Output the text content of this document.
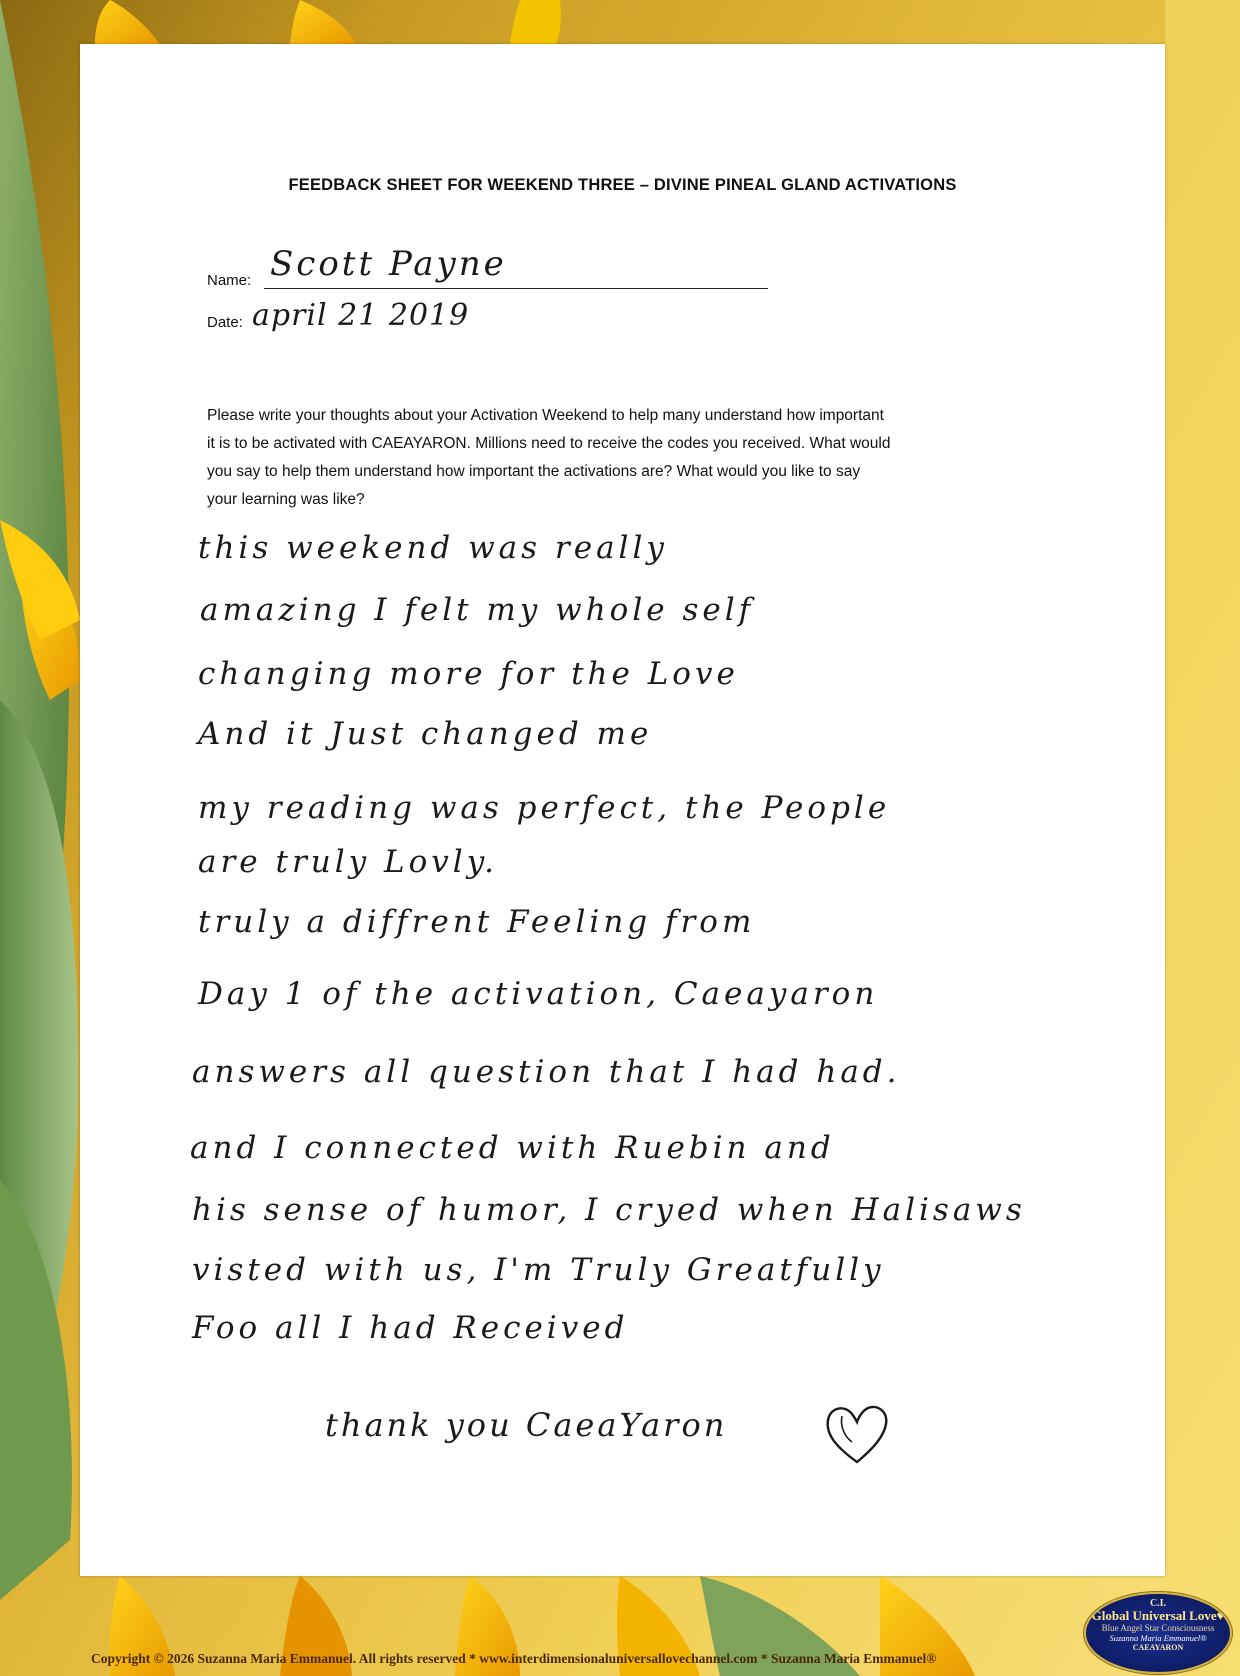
FEEDBACK SHEET FOR WEEKEND THREE – DIVINE PINEAL GLAND ACTIVATIONS
Name: Scott Payne
Date: april 21 2019
Please write your thoughts about your Activation Weekend to help many understand how important
it is to be activated with CAEAYARON. Millions need to receive the codes you received. What would
you say to help them understand how important the activations are? What would you like to say
your learning was like?
this weekend was really
amazing I felt my whole self
changing more for the Love
And it Just changed me
my reading was perfect, the People
are truly Lovly.
truly a diffrent Feeling from
Day 1 of the activation, Caeayaron
answers all question that I had had.
and I connected with Ruebin and
his sense of humor, I cryed when Halisaws
visted with us, I'm Truly Greatfully
Foo all I had Received
thank you CaeaYaron
Copyright © 2026 Suzanna Maria Emmanuel. All rights reserved * www.interdimensionaluniversallovechannel.com * Suzanna Maria Emmanuel®
C.I.
Global Universal Love♥
Blue Angel Star Consciousness
Suzanna Maria Emmanuel®
CAEAYARON
